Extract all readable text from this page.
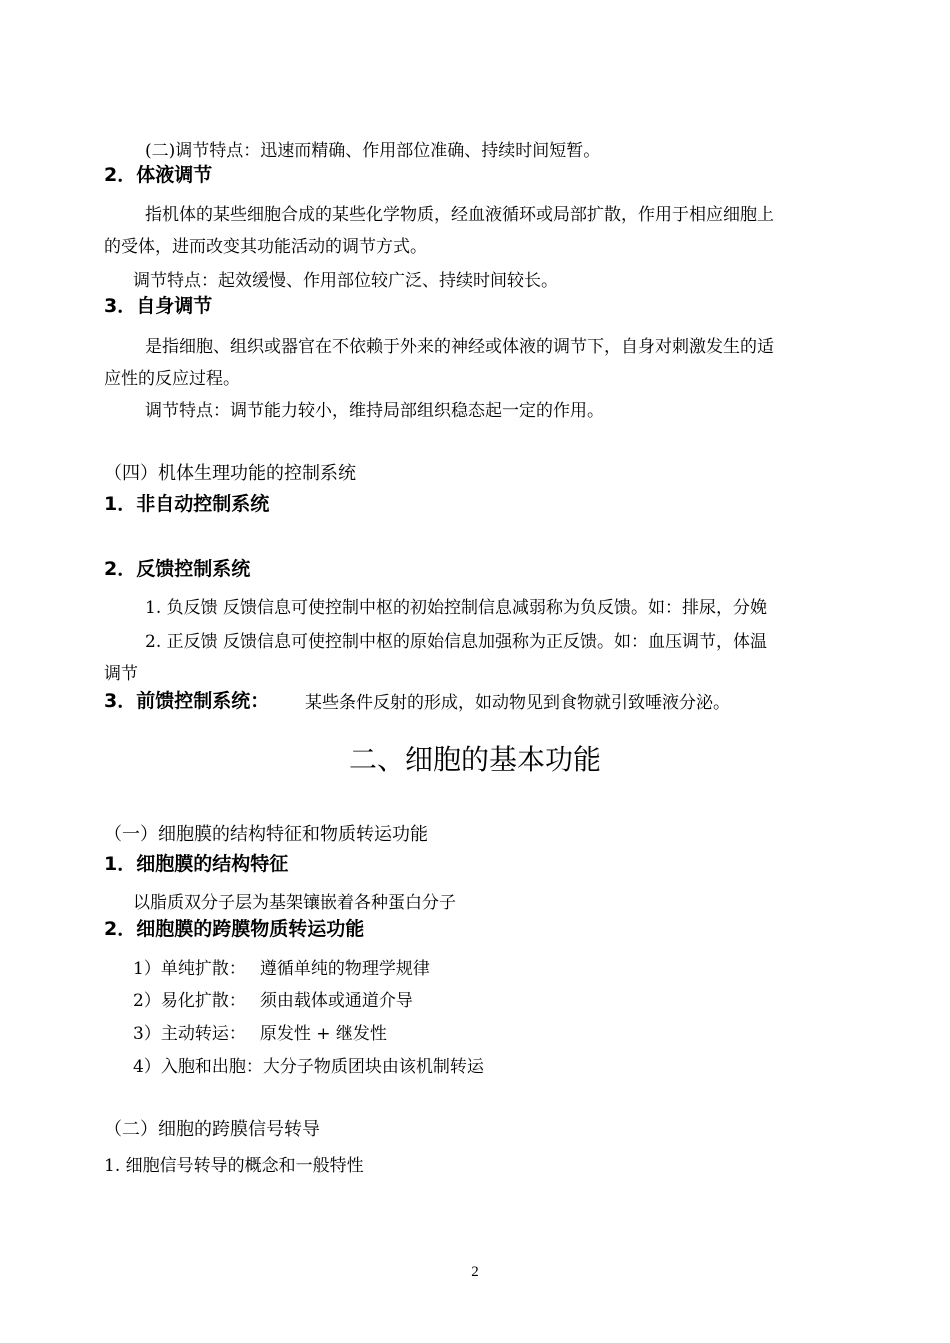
(二)调节特点：迅速而精确、作用部位准确、持续时间短暂。
2．体液调节
指机体的某些细胞合成的某些化学物质，经血液循环或局部扩散，作用于相应细胞上
的受体，进而改变其功能活动的调节方式。
调节特点：起效缓慢、作用部位较广泛、持续时间较长。
3．自身调节
是指细胞、组织或器官在不依赖于外来的神经或体液的调节下，自身对刺激发生的适
应性的反应过程。
调节特点：调节能力较小，维持局部组织稳态起一定的作用。
（四）机体生理功能的控制系统
1．非自动控制系统
2．反馈控制系统
1. 负反馈 反馈信息可使控制中枢的初始控制信息减弱称为负反馈。如：排尿，分娩
2. 正反馈 反馈信息可使控制中枢的原始信息加强称为正反馈。如：血压调节，体温
调节
3．前馈控制系统： 某些条件反射的形成，如动物见到食物就引致唾液分泌。
二、细胞的基本功能
（一）细胞膜的结构特征和物质转运功能
1．细胞膜的结构特征
以脂质双分子层为基架镶嵌着各种蛋白分子
2．细胞膜的跨膜物质转运功能
1）单纯扩散： 遵循单纯的物理学规律
2）易化扩散： 须由载体或通道介导
3）主动转运： 原发性 + 继发性
4）入胞和出胞：大分子物质团块由该机制转运
（二）细胞的跨膜信号转导
1. 细胞信号转导的概念和一般特性
2
